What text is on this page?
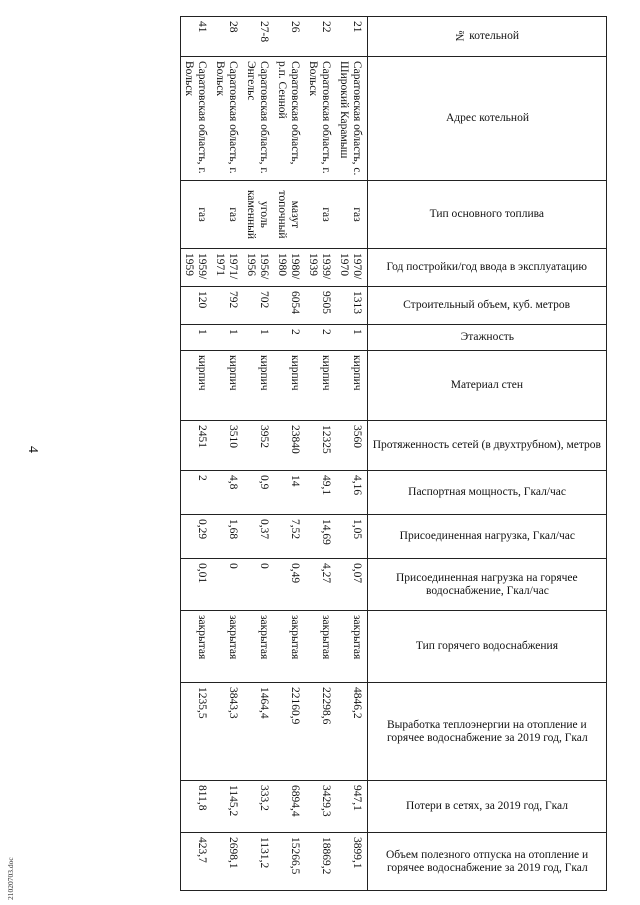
4
21020703.doc
№ котельной	Адрес котельной	Тип основного топлива	Год постройки/год ввода в эксплуатацию	Строительный объем, куб. метров	Этажность	Материал стен	Протяженность сетей (в двухтрубном), метров	Паспортная мощность, Гкал/час	Присоединенная нагрузка, Гкал/час	Присоединенная нагрузка на горячее водоснабжение, Гкал/час	Тип горячего водоснабжения	Выработка теплоэнергии на отопление и горячее водоснабжение за 2019 год, Гкал	Потери в сетях, за 2019 год, Гкал	Объем полезного отпуска на отопление и горячее водоснабжение за 2019 год, Гкал

21	Саратовская область, с. Широкий Карамыш	газ	1970/ 1970	1313	1	кирпич	3560	4,16	1,05	0,07	закрытая	4846,2	947,1	3899,1
22	Саратовская область, г. Вольск	газ	1939/ 1939	9505	2	кирпич	12325	49,1	14,69	4,27	закрытая	22298,6	3429,3	18869,2
26	Саратовская область, р.п. Сенной	мазут топочный	1980/ 1980	6054	2	кирпич	23840	14	7,52	0,49	закрытая	22160,9	6894,4	15266,5
27-8	Саратовская область, г. Энгельс	уголь каменный	1956/ 1956	702	1	кирпич	3952	0,9	0,37	0	закрытая	1464,4	333,2	1131,2
28	Саратовская область, г. Вольск	газ	1971/ 1971	792	1	кирпич	3510	4,8	1,68	0	закрытая	3843,3	1145,2	2698,1
41	Саратовская область, г. Вольск	газ	1959/ 1959	120	1	кирпич	2451	2	0,29	0,01	закрытая	1235,5	811,8	423,7
